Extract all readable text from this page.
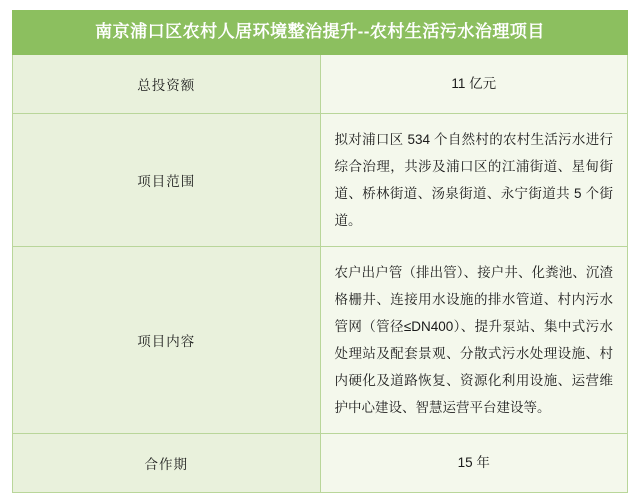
南京浦口区农村人居环境整治提升--农村生活污水治理项目	
总投资额	11 亿元
项目范围	拟对浦口区 534 个自然村的农村生活污水进行综合治理，共涉及浦口区的江浦街道、星甸街道、桥林街道、汤泉街道、永宁街道共 5 个街道。
项目内容	农户出户管（排出管）、接户井、化粪池、沉渣格栅井、连接用水设施的排水管道、村内污水管网（管径≤DN400）、提升泵站、集中式污水处理站及配套景观、分散式污水处理设施、村内硬化及道路恢复、资源化利用设施、运营维护中心建设、智慧运营平台建设等。
合作期	15 年
